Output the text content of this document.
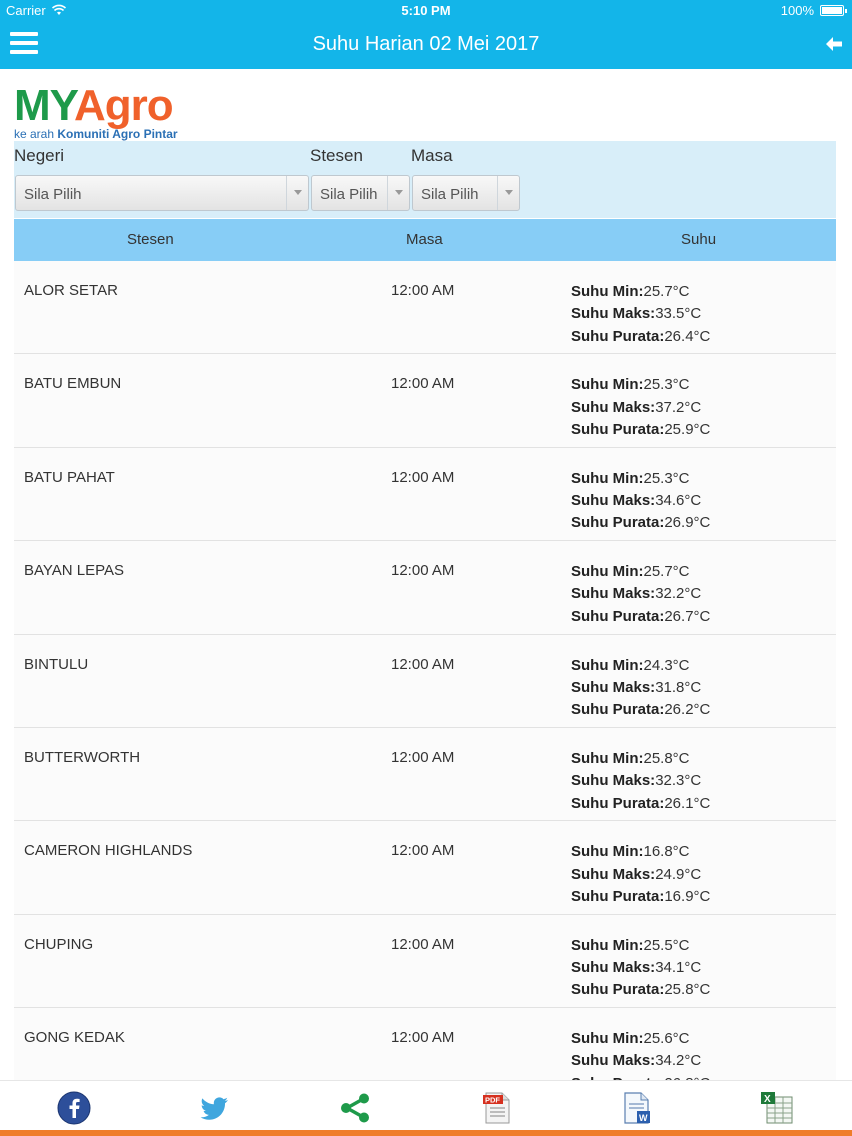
Carrier	5:10 PM	100%
Suhu Harian 02 Mei 2017
MYAgro
ke arah Komuniti Agro Pintar
Negeri	Stesen	Masa
Sila Pilih	Sila Pilih	Sila Pilih
Stesen	Masa	Suhu
ALOR SETAR	12:00 AM	Suhu Min:25.7°C
Suhu Maks:33.5°C
Suhu Purata:26.4°C
BATU EMBUN	12:00 AM	Suhu Min:25.3°C
Suhu Maks:37.2°C
Suhu Purata:25.9°C
BATU PAHAT	12:00 AM	Suhu Min:25.3°C
Suhu Maks:34.6°C
Suhu Purata:26.9°C
BAYAN LEPAS	12:00 AM	Suhu Min:25.7°C
Suhu Maks:32.2°C
Suhu Purata:26.7°C
BINTULU	12:00 AM	Suhu Min:24.3°C
Suhu Maks:31.8°C
Suhu Purata:26.2°C
BUTTERWORTH	12:00 AM	Suhu Min:25.8°C
Suhu Maks:32.3°C
Suhu Purata:26.1°C
CAMERON HIGHLANDS	12:00 AM	Suhu Min:16.8°C
Suhu Maks:24.9°C
Suhu Purata:16.9°C
CHUPING	12:00 AM	Suhu Min:25.5°C
Suhu Maks:34.1°C
Suhu Purata:25.8°C
GONG KEDAK	12:00 AM	Suhu Min:25.6°C
Suhu Maks:34.2°C
PDF
W
X
